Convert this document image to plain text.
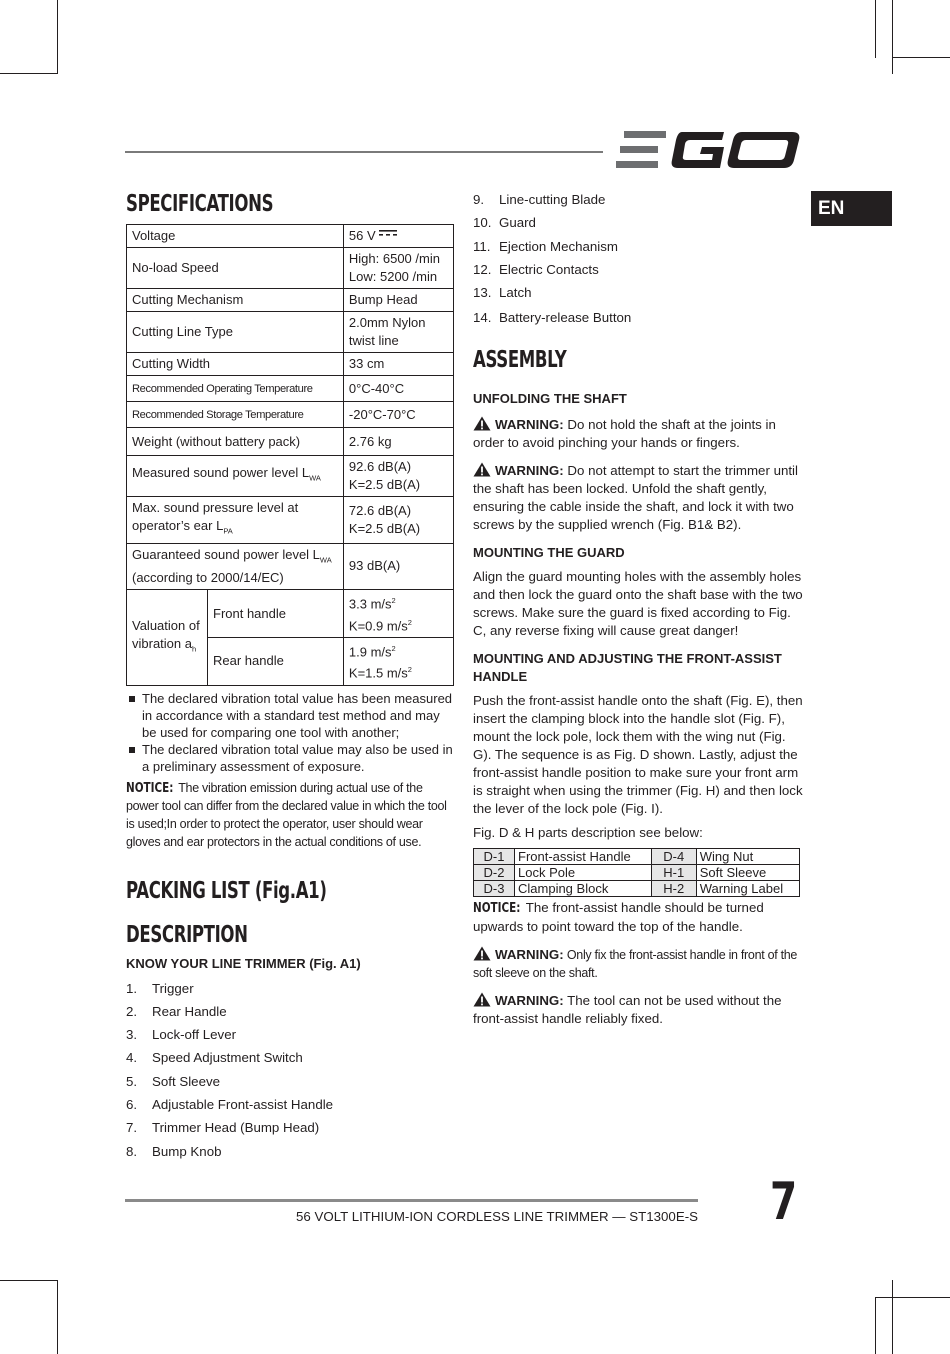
EN
SPECIFICATIONS
Voltage		56 V
No-load Speed		High: 6500 /min
Low: 5200 /min
Cutting Mechanism		Bump Head
Cutting Line Type		2.0mm Nylon
twist line
Cutting Width		33 cm
Recommended Operating Temperature		0°C-40°C
Recommended Storage Temperature		-20°C-70°C
Weight (without battery pack)		2.76 kg
Measured sound power level $L_{WA}$		92.6 dB(A)
K=2.5 dB(A)
Max. sound pressure level at
operator’s ear $L_{PA}$		72.6 dB(A)
K=2.5 dB(A)
Guaranteed sound power level $L_{WA}$
(according to 2000/14/EC)		93 dB(A)
Valuation of
vibration $a_h$	Front handle	3.3 $m/s^2$
K=0.9 $m/s^2$
	Rear handle	1.9 $m/s^2$
K=1.5 $m/s^2$
The declared vibration total value has been measured in accordance with a standard test method and may be used for comparing one tool with another;
The declared vibration total value may also be used in a preliminary assessment of exposure.
NOTICE: The vibration emission during actual use of the power tool can differ from the declared value in which the tool is used;In order to protect the operator, user should wear gloves and ear protectors in the actual conditions of use.
PACKING LIST (Fig.A1)
DESCRIPTION
KNOW YOUR LINE TRIMMER (Fig. A1)
1.	Trigger
2.	Rear Handle
3.	Lock-off Lever
4.	Speed Adjustment Switch
5.	Soft Sleeve
6.	Adjustable Front-assist Handle
7.	Trimmer Head (Bump Head)
8.	Bump Knob
9.	Line-cutting Blade
10. Guard
11. Ejection Mechanism
12. Electric Contacts
13. Latch
14. Battery-release Button
ASSEMBLY
UNFOLDING THE SHAFT

WARNING: Do not hold the shaft at the joints in order to avoid pinching your hands or fingers.

WARNING: Do not attempt to start the trimmer until the shaft has been locked. Unfold the shaft gently, ensuring the cable inside the shaft, and lock it with two screws by the supplied wrench (Fig. B1& B2).

MOUNTING THE GUARD

Align the guard mounting holes with the assembly holes and then lock the guard onto the shaft base with the two screws. Make sure the guard is fixed according to Fig. C, any reverse fixing will cause great danger!

MOUNTING AND ADJUSTING THE FRONT-ASSIST HANDLE

Push the front-assist handle onto the shaft (Fig. E), then insert the clamping block into the handle slot (Fig. F), mount the lock pole, lock them with the wing nut (Fig. G). The sequence is as Fig. D shown. Lastly, adjust the front-assist handle position to make sure your front arm is straight when using the trimmer (Fig. H) and then lock the lever of the lock pole (Fig. I).

Fig. D & H parts description see below:

D-1	Front-assist Handle	D-4	Wing Nut
D-2	Lock Pole	H-1	Soft Sleeve
D-3	Clamping Block	H-2	Warning Label

NOTICE: The front-assist handle should be turned upwards to point toward the top of the handle.

WARNING: Only fix the front-assist handle in front of the soft sleeve on the shaft.

WARNING: The tool can not be used without the front-assist handle reliably fixed.

56 VOLT LITHIUM-ION CORDLESS LINE TRIMMER — ST1300E-S 7
